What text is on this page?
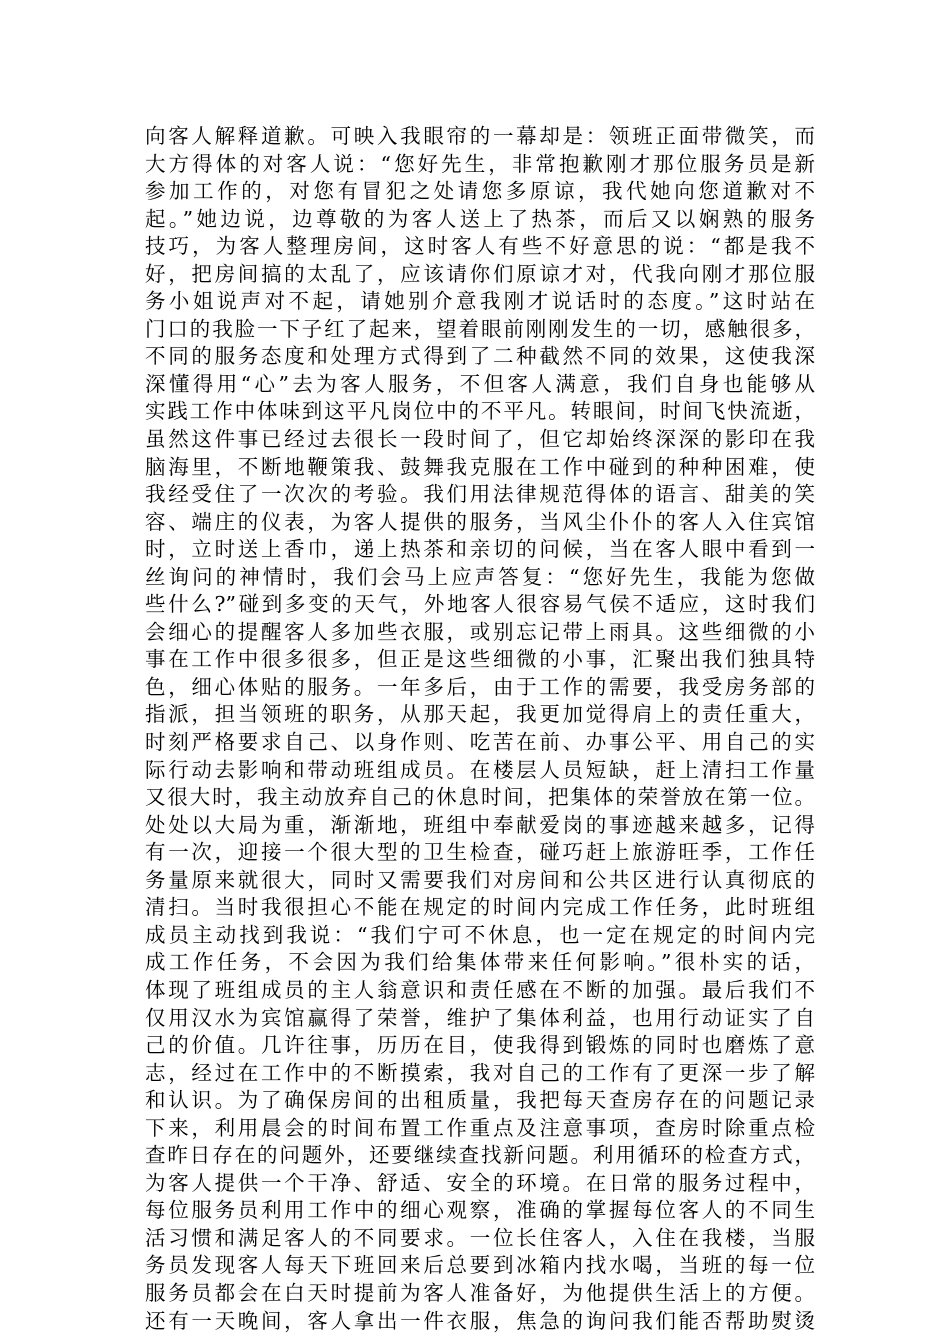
向客人解释道歉。可映入我眼帘的一幕却是：领班正面带微笑，而
大方得体的对客人说：“您好先生，非常抱歉刚才那位服务员是新
参加工作的，对您有冒犯之处请您多原谅，我代她向您道歉对不
起。”她边说，边尊敬的为客人送上了热茶，而后又以娴熟的服务
技巧，为客人整理房间，这时客人有些不好意思的说：“都是我不
好，把房间搞的太乱了，应该请你们原谅才对，代我向刚才那位服
务小姐说声对不起，请她别介意我刚才说话时的态度。”这时站在
门口的我脸一下子红了起来，望着眼前刚刚发生的一切，感触很多，
不同的服务态度和处理方式得到了二种截然不同的效果，这使我深
深懂得用“心”去为客人服务，不但客人满意，我们自身也能够从
实践工作中体味到这平凡岗位中的不平凡。转眼间，时间飞快流逝，
虽然这件事已经过去很长一段时间了，但它却始终深深的影印在我
脑海里，不断地鞭策我、鼓舞我克服在工作中碰到的种种困难，使
我经受住了一次次的考验。我们用法律规范得体的语言、甜美的笑
容、端庄的仪表，为客人提供的服务，当风尘仆仆的客人入住宾馆
时，立时送上香巾，递上热茶和亲切的问候，当在客人眼中看到一
丝询问的神情时，我们会马上应声答复：“您好先生，我能为您做
些什么?”碰到多变的天气，外地客人很容易气侯不适应，这时我们
会细心的提醒客人多加些衣服，或别忘记带上雨具。这些细微的小
事在工作中很多很多，但正是这些细微的小事，汇聚出我们独具特
色，细心体贴的服务。一年多后，由于工作的需要，我受房务部的
指派，担当领班的职务，从那天起，我更加觉得肩上的责任重大，
时刻严格要求自己、以身作则、吃苦在前、办事公平、用自己的实
际行动去影响和带动班组成员。在楼层人员短缺，赶上清扫工作量
又很大时，我主动放弃自己的休息时间，把集体的荣誉放在第一位。
处处以大局为重，渐渐地，班组中奉献爱岗的事迹越来越多，记得
有一次，迎接一个很大型的卫生检查，碰巧赶上旅游旺季，工作任
务量原来就很大，同时又需要我们对房间和公共区进行认真彻底的
清扫。当时我很担心不能在规定的时间内完成工作任务，此时班组
成员主动找到我说：“我们宁可不休息，也一定在规定的时间内完
成工作任务，不会因为我们给集体带来任何影响。”很朴实的话，
体现了班组成员的主人翁意识和责任感在不断的加强。最后我们不
仅用汉水为宾馆赢得了荣誉，维护了集体利益，也用行动证实了自
己的价值。几许往事，历历在目，使我得到锻炼的同时也磨炼了意
志，经过在工作中的不断摸索，我对自己的工作有了更深一步了解
和认识。为了确保房间的出租质量，我把每天查房存在的问题记录
下来，利用晨会的时间布置工作重点及注意事项，查房时除重点检
查昨日存在的问题外，还要继续查找新问题。利用循环的检查方式，
为客人提供一个干净、舒适、安全的环境。在日常的服务过程中，
每位服务员利用工作中的细心观察，准确的掌握每位客人的不同生
活习惯和满足客人的不同要求。一位长住客人，入住在我楼，当服
务员发现客人每天下班回来后总要到冰箱内找水喝，当班的每一位
服务员都会在白天时提前为客人准备好，为他提供生活上的方便。
还有一天晚间，客人拿出一件衣服，焦急的询问我们能否帮助熨烫
